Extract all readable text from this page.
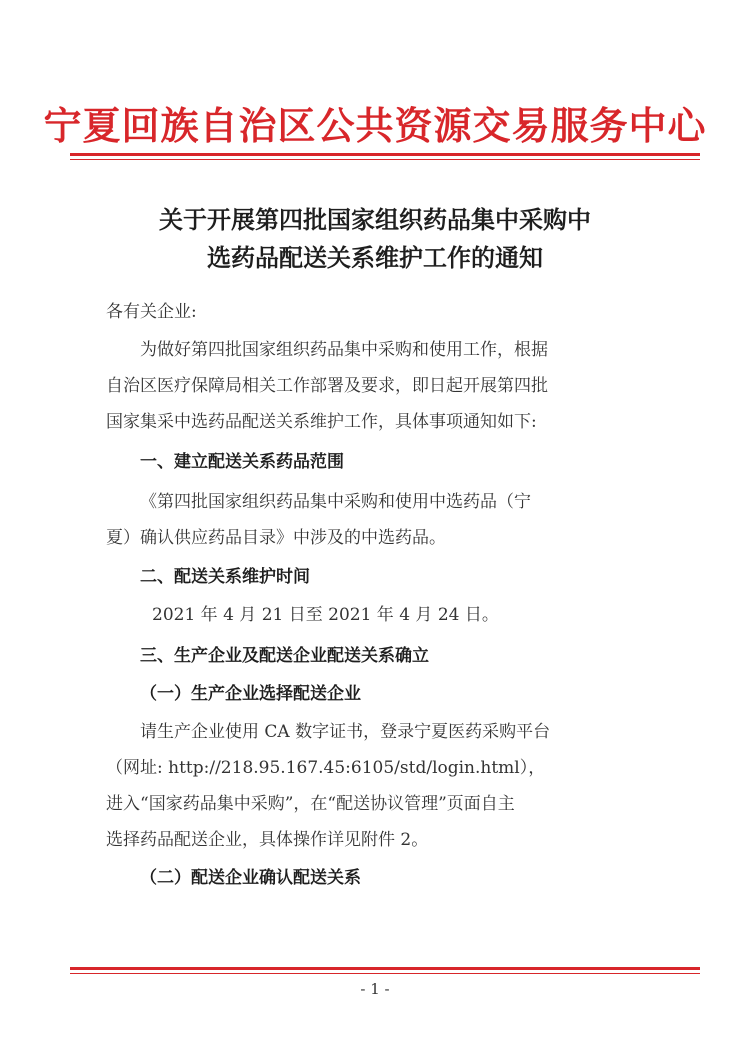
宁夏回族自治区公共资源交易服务中心
关于开展第四批国家组织药品集中采购中
选药品配送关系维护工作的通知
各有关企业:
为做好第四批国家组织药品集中采购和使用工作，根据
自治区医疗保障局相关工作部署及要求，即日起开展第四批
国家集采中选药品配送关系维护工作，具体事项通知如下:
一、建立配送关系药品范围
《第四批国家组织药品集中采购和使用中选药品（宁
夏）确认供应药品目录》中涉及的中选药品。
二、配送关系维护时间
2021 年 4 月 21 日至 2021 年 4 月 24 日。
三、生产企业及配送企业配送关系确立
（一）生产企业选择配送企业
请生产企业使用 CA 数字证书，登录宁夏医药采购平台
（网址: http://218.95.167.45:6105/std/login.html），
进入“国家药品集中采购”，在“配送协议管理”页面自主
选择药品配送企业，具体操作详见附件 2。
（二）配送企业确认配送关系
- 1 -
